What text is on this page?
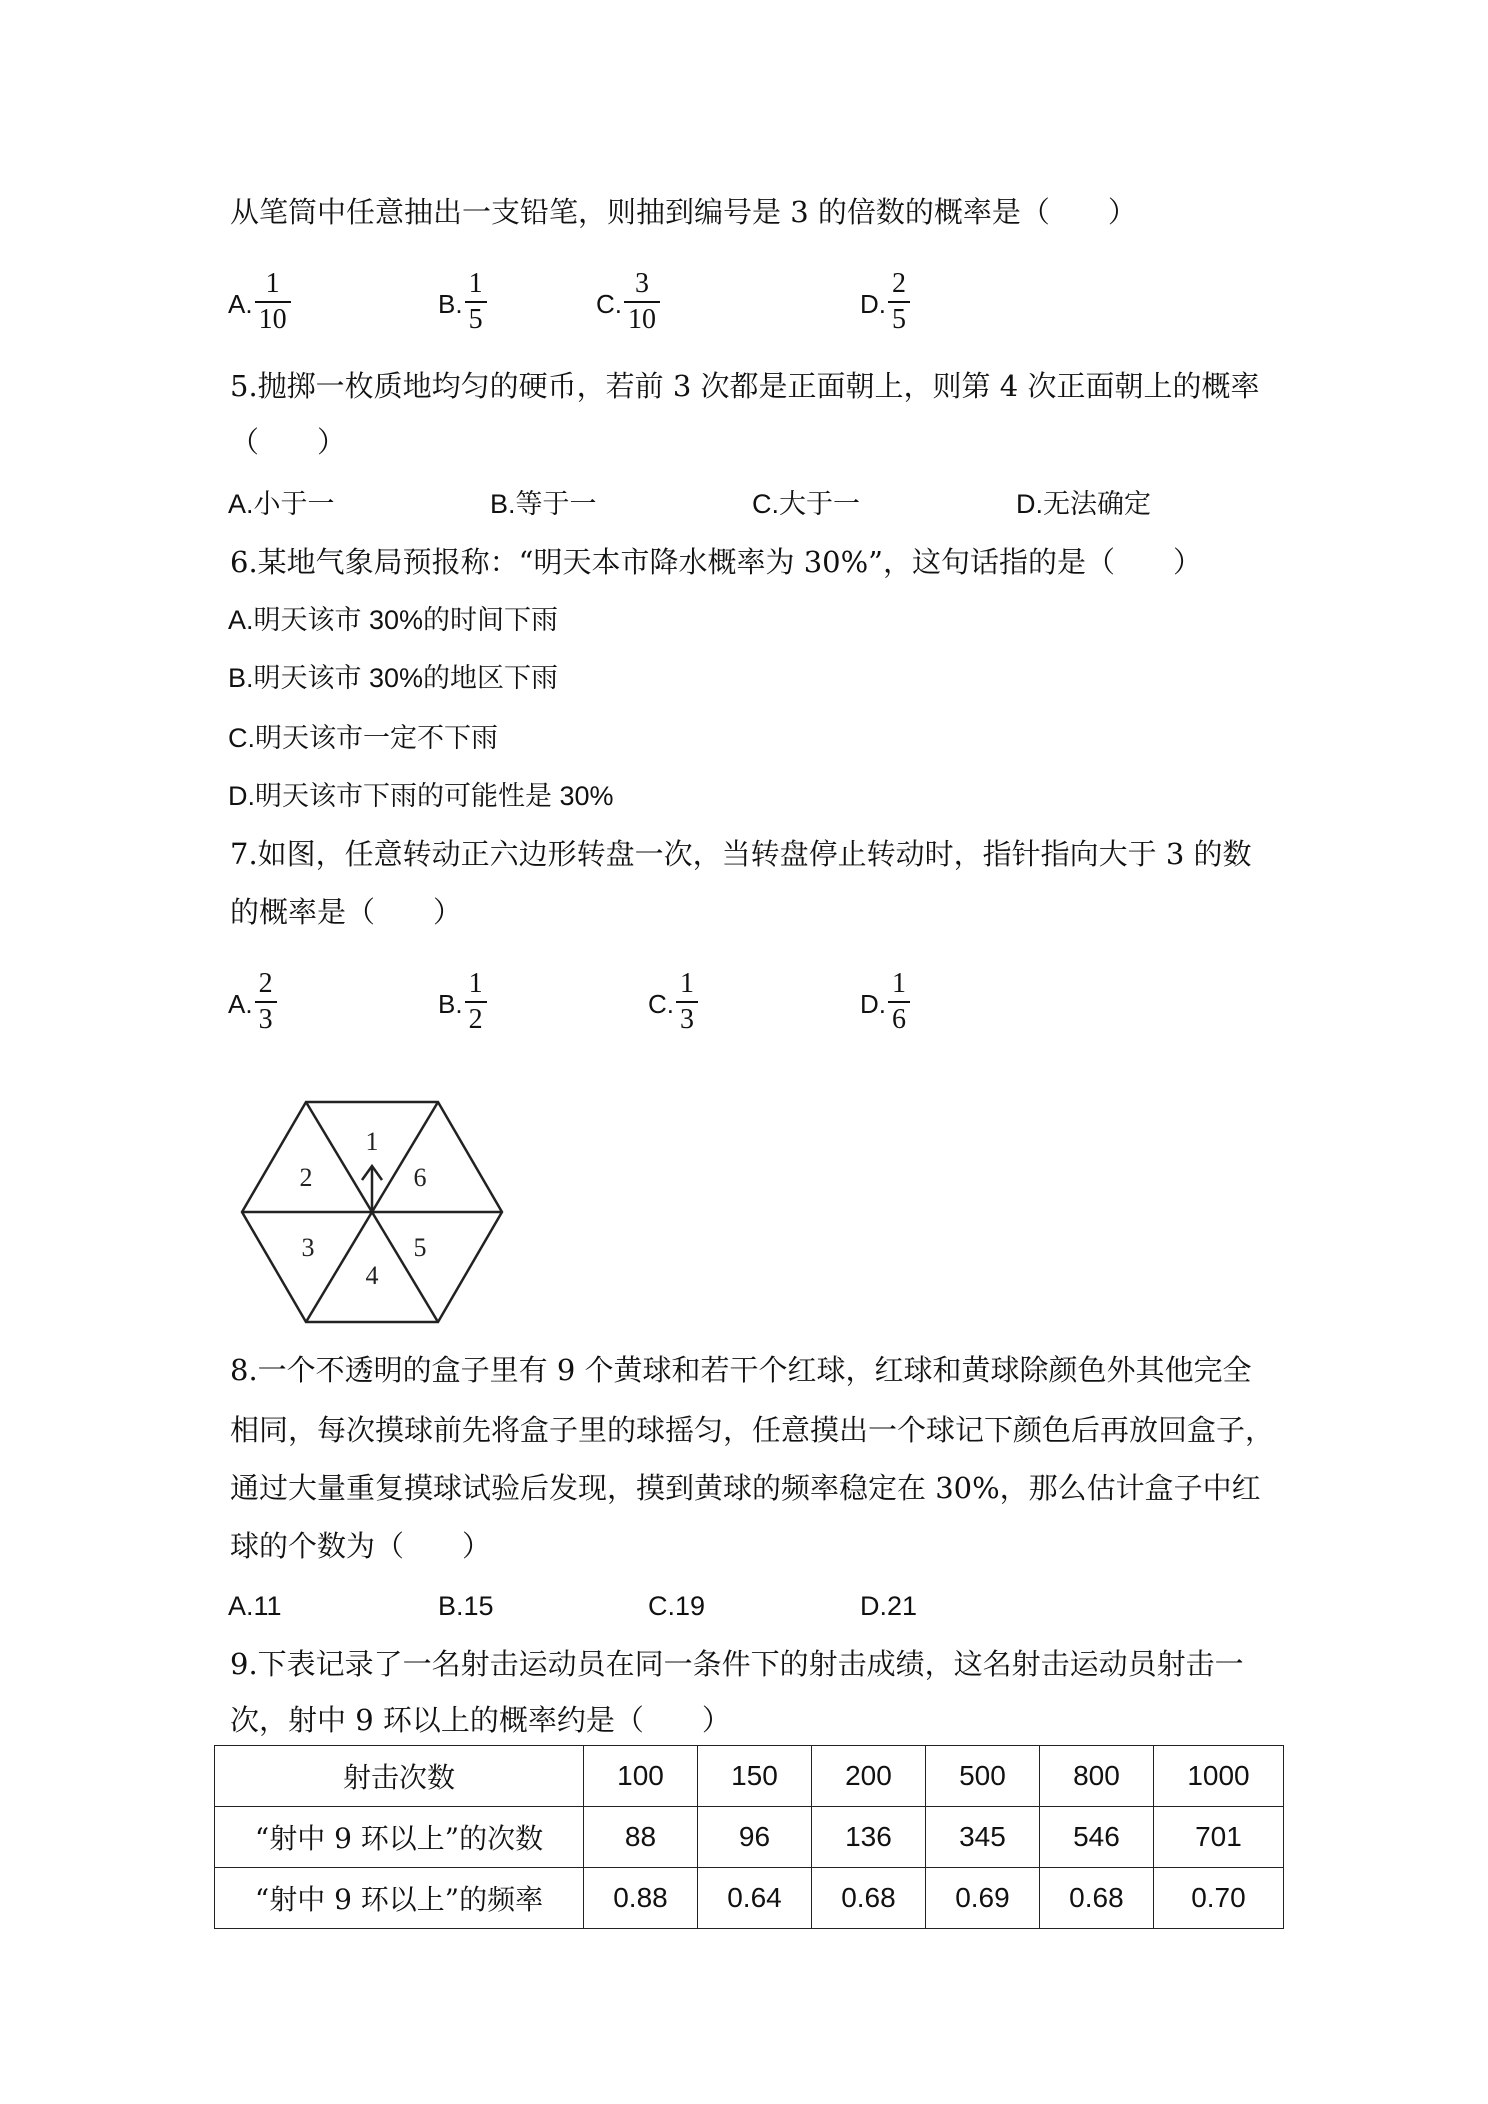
从笔筒中任意抽出一支铅笔，则抽到编号是 3 的倍数的概率是（　　）
A. $\frac{1}{10}$	B. $\frac{1}{5}$	C. $\frac{3}{10}$	D. $\frac{2}{5}$
5.抛掷一枚质地均匀的硬币，若前 3 次都是正面朝上，则第 4 次正面朝上的概率
（　　）
A.小于一	B.等于一	C.大于一	D.无法确定
6.某地气象局预报称：“明天本市降水概率为 30%”，这句话指的是（　　）
A.明天该市 30%的时间下雨
B.明天该市 30%的地区下雨
C.明天该市一定不下雨
D.明天该市下雨的可能性是 30%
7.如图，任意转动正六边形转盘一次，当转盘停止转动时，指针指向大于 3 的数
的概率是（　　）
A. $\frac{2}{3}$	B. $\frac{1}{2}$	C. $\frac{1}{3}$	D. $\frac{1}{6}$
1
6
5
4
3
2
8.一个不透明的盒子里有 9 个黄球和若干个红球，红球和黄球除颜色外其他完全
相同，每次摸球前先将盒子里的球摇匀，任意摸出一个球记下颜色后再放回盒子，
通过大量重复摸球试验后发现，摸到黄球的频率稳定在 30%，那么估计盒子中红
球的个数为（　　）
A.11	B.15	C.19	D.21
9.下表记录了一名射击运动员在同一条件下的射击成绩，这名射击运动员射击一
次，射中 9 环以上的概率约是（　　）
射击次数	100	150	200	500	800	1000
“射中 9 环以上”的次数	88	96	136	345	546	701
“射中 9 环以上”的频率	0.88	0.64	0.68	0.69	0.68	0.70
